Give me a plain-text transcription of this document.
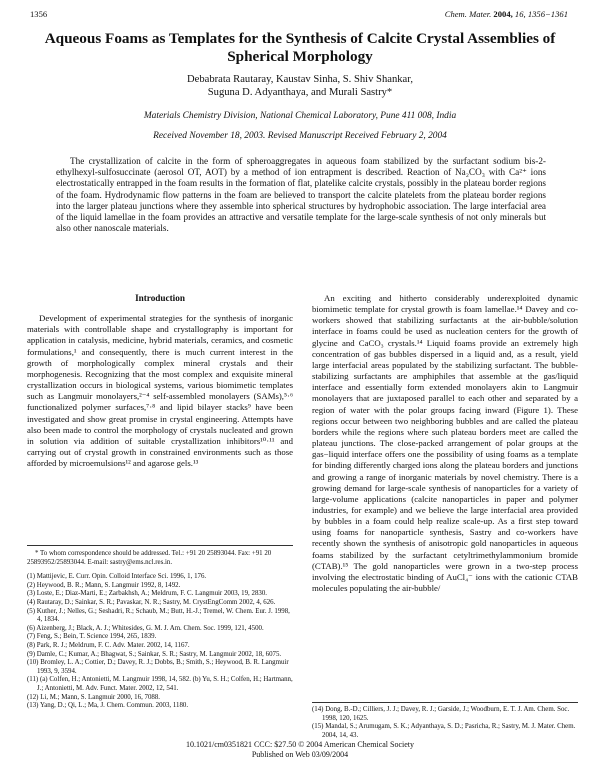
1356	Chem. Mater. 2004, 16, 1356−1361
Aqueous Foams as Templates for the Synthesis of Calcite Crystal Assemblies of Spherical Morphology
Debabrata Rautaray, Kaustav Sinha, S. Shiv Shankar,
Suguna D. Adyanthaya, and Murali Sastry*
Materials Chemistry Division, National Chemical Laboratory, Pune 411 008, India
Received November 18, 2003. Revised Manuscript Received February 2, 2004
The crystallization of calcite in the form of spheroaggregates in aqueous foam stabilized by the surfactant sodium bis-2-ethylhexyl-sulfosuccinate (aerosol OT, AOT) by a method of ion entrapment is described. Reaction of Na₂CO₃ with Ca²⁺ ions electrostatically entrapped in the foam results in the formation of flat, platelike calcite crystals, possibly in the plateau border regions of the foam. Hydrodynamic flow patterns in the foam are believed to transport the calcite platelets from the plateau border regions into the larger plateau junctions where they assemble into spherical structures by hydrophobic association. The large interfacial area of the liquid lamellae in the foam provides an attractive and versatile template for the large-scale synthesis of not only minerals but also other nanoscale materials.
Introduction

Development of experimental strategies for the synthesis of inorganic materials with controllable shape and crystallography is important for application in catalysis, medicine, hybrid materials, ceramics, and cosmetic formulations,¹ and consequently, there is much current interest in the growth of morphologically complex mineral crystals and their morphogenesis. Recognizing that the most complex and exquisite mineral crystallization occurs in biological systems, various biomimetic templates such as Langmuir monolayers,²⁻⁴ self-assembled monolayers (SAMs),⁵·⁶ functionalized polymer surfaces,⁷·⁸ and lipid bilayer stacks⁹ have been investigated and show great promise in crystal engineering. Attempts have also been made to control the morphology of crystals nucleated and grown in solution via addition of suitable crystallization inhibitors¹⁰·¹¹ and carrying out of crystal growth in constrained environments such as those afforded by microemulsions¹² and agarose gels.¹³

An exciting and hitherto considerably underexploited dynamic biomimetic template for crystal growth is foam lamellae.¹⁴ Davey and co-workers showed that stabilizing surfactants at the air-bubble/solution interface in foams could be used as nucleation centers for the growth of glycine and CaCO₃ crystals.¹⁴ Liquid foams provide an extremely high concentration of gas bubbles dispersed in a liquid and, as a result, yield large interfacial areas populated by the stabilizing surfactant. The bubble-stabilizing surfactants are amphiphiles that assemble at the gas/liquid interface and essentially form extended monolayers akin to Langmuir monolayers that are juxtaposed parallel to each other and separated by a region of water with the polar groups facing inward (Figure 1). These regions occur between two neighboring bubbles and are called the plateau borders while the regions where such plateau borders meet are called the plateau junctions. The close-packed arrangement of polar groups at the gas−liquid interface offers one the possibility of using foams as a template for binding differently charged ions along the plateau borders and junctions and growing a range of inorganic materials by novel chemistry. There is a growing demand for large-scale synthesis of nanoparticles for a variety of large-volume applications (calcite nanoparticles in paper and polymer industries, for example) and we believe the large interfacial area provided by bubbles in a foam could help realize scale-up. As a first step toward using foams for nanoparticle synthesis, Sastry and co-workers have recently shown the synthesis of anisotropic gold nanoparticles in aqueous foams stabilized by the surfactant cetyltrimethylammonium bromide (CTAB).¹⁵ The gold nanoparticles were grown in a two-step process involving the electrostatic binding of AuCl₄⁻ ions with the cationic CTAB molecules populating the air-bubble/

* To whom correspondence should be addressed. Tel.: +91 20 25893044. Fax: +91 20 25893952/25893044. E-mail: sastry@ems.ncl.res.in.
(1) Mattijevic, E. Curr. Opin. Colloid Interface Sci. 1996, 1, 176.
(2) Heywood, B. R.; Mann, S. Langmuir 1992, 8, 1492.
(3) Loste, E.; Diaz-Marti, E.; Zarbakhsh, A.; Meldrum, F. C. Langmuir 2003, 19, 2830.
(4) Rautaray, D.; Sainkar, S. R.; Pavaskar, N. R.; Sastry, M. CrystEngComm 2002, 4, 626.
(5) Kuther, J.; Nelles, G.; Seshadri, R.; Schaub, M.; Butt, H.-J.; Tremel, W. Chem. Eur. J. 1998, 4, 1834.
(6) Aizenberg, J.; Black, A. J.; Whitesides, G. M. J. Am. Chem. Soc. 1999, 121, 4500.
(7) Feng, S.; Bein, T. Science 1994, 265, 1839.
(8) Park, R. J.; Meldrum, F. C. Adv. Mater. 2002, 14, 1167.
(9) Damle, C.; Kumar, A.; Bhagwat, S.; Sainkar, S. R.; Sastry, M. Langmuir 2002, 18, 6075.
(10) Bromley, L. A.; Cottier, D.; Davey, R. J.; Dobbs, B.; Smith, S.; Heywood, B. R. Langmuir 1993, 9, 3594.
(11) (a) Colfen, H.; Antonietti, M. Langmuir 1998, 14, 582. (b) Yu, S. H.; Colfen, H.; Hartmann, J.; Antonietti, M. Adv. Funct. Mater. 2002, 12, 541.
(12) Li, M.; Mann, S. Langmuir 2000, 16, 7088.
(13) Yang, D.; Qi, L.; Ma, J. Chem. Commun. 2003, 1180.
(14) Dong, B.-D.; Cilliers, J. J.; Davey, R. J.; Garside, J.; Woodburn, E. T. J. Am. Chem. Soc. 1998, 120, 1625.
(15) Mandal, S.; Arumugam, S. K.; Adyanthaya, S. D.; Pasricha, R.; Sastry, M. J. Mater. Chem. 2004, 14, 43.
10.1021/cm0351821 CCC: $27.50 © 2004 American Chemical Society
Published on Web 03/09/2004
